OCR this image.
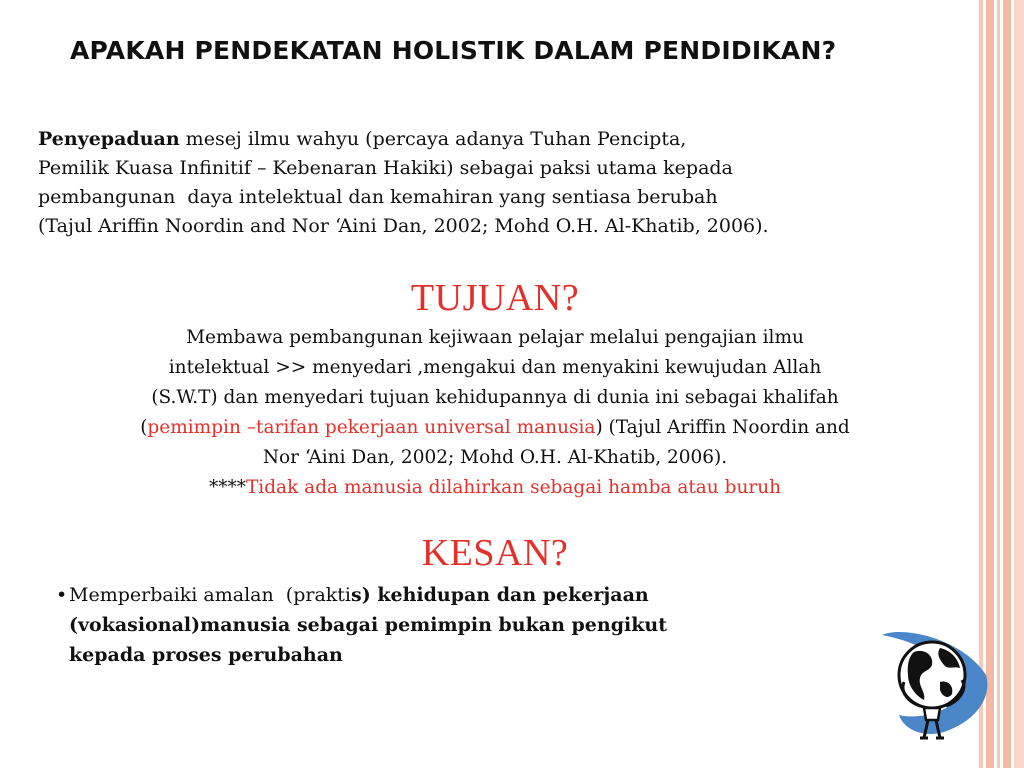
APAKAH PENDEKATAN HOLISTIK DALAM PENDIDIKAN?
Penyepaduan mesej ilmu wahyu (percaya adanya Tuhan Pencipta,
Pemilik Kuasa Infinitif – Kebenaran Hakiki) sebagai paksi utama kepada
pembangunan  daya intelektual dan kemahiran yang sentiasa berubah
(Tajul Ariffin Noordin and Nor ‘Aini Dan, 2002; Mohd O.H. Al-Khatib, 2006).
TUJUAN?
Membawa pembangunan kejiwaan pelajar melalui pengajian ilmu
intelektual >> menyedari ,mengakui dan menyakini kewujudan Allah
(S.W.T) dan menyedari tujuan kehidupannya di dunia ini sebagai khalifah
(pemimpin –tarifan pekerjaan universal manusia) (Tajul Ariffin Noordin and
Nor ‘Aini Dan, 2002; Mohd O.H. Al-Khatib, 2006).
****Tidak ada manusia dilahirkan sebagai hamba atau buruh
KESAN?
• Memperbaiki amalan  (praktis) kehidupan dan pekerjaan
(vokasional)manusia sebagai pemimpin bukan pengikut
kepada proses perubahan
